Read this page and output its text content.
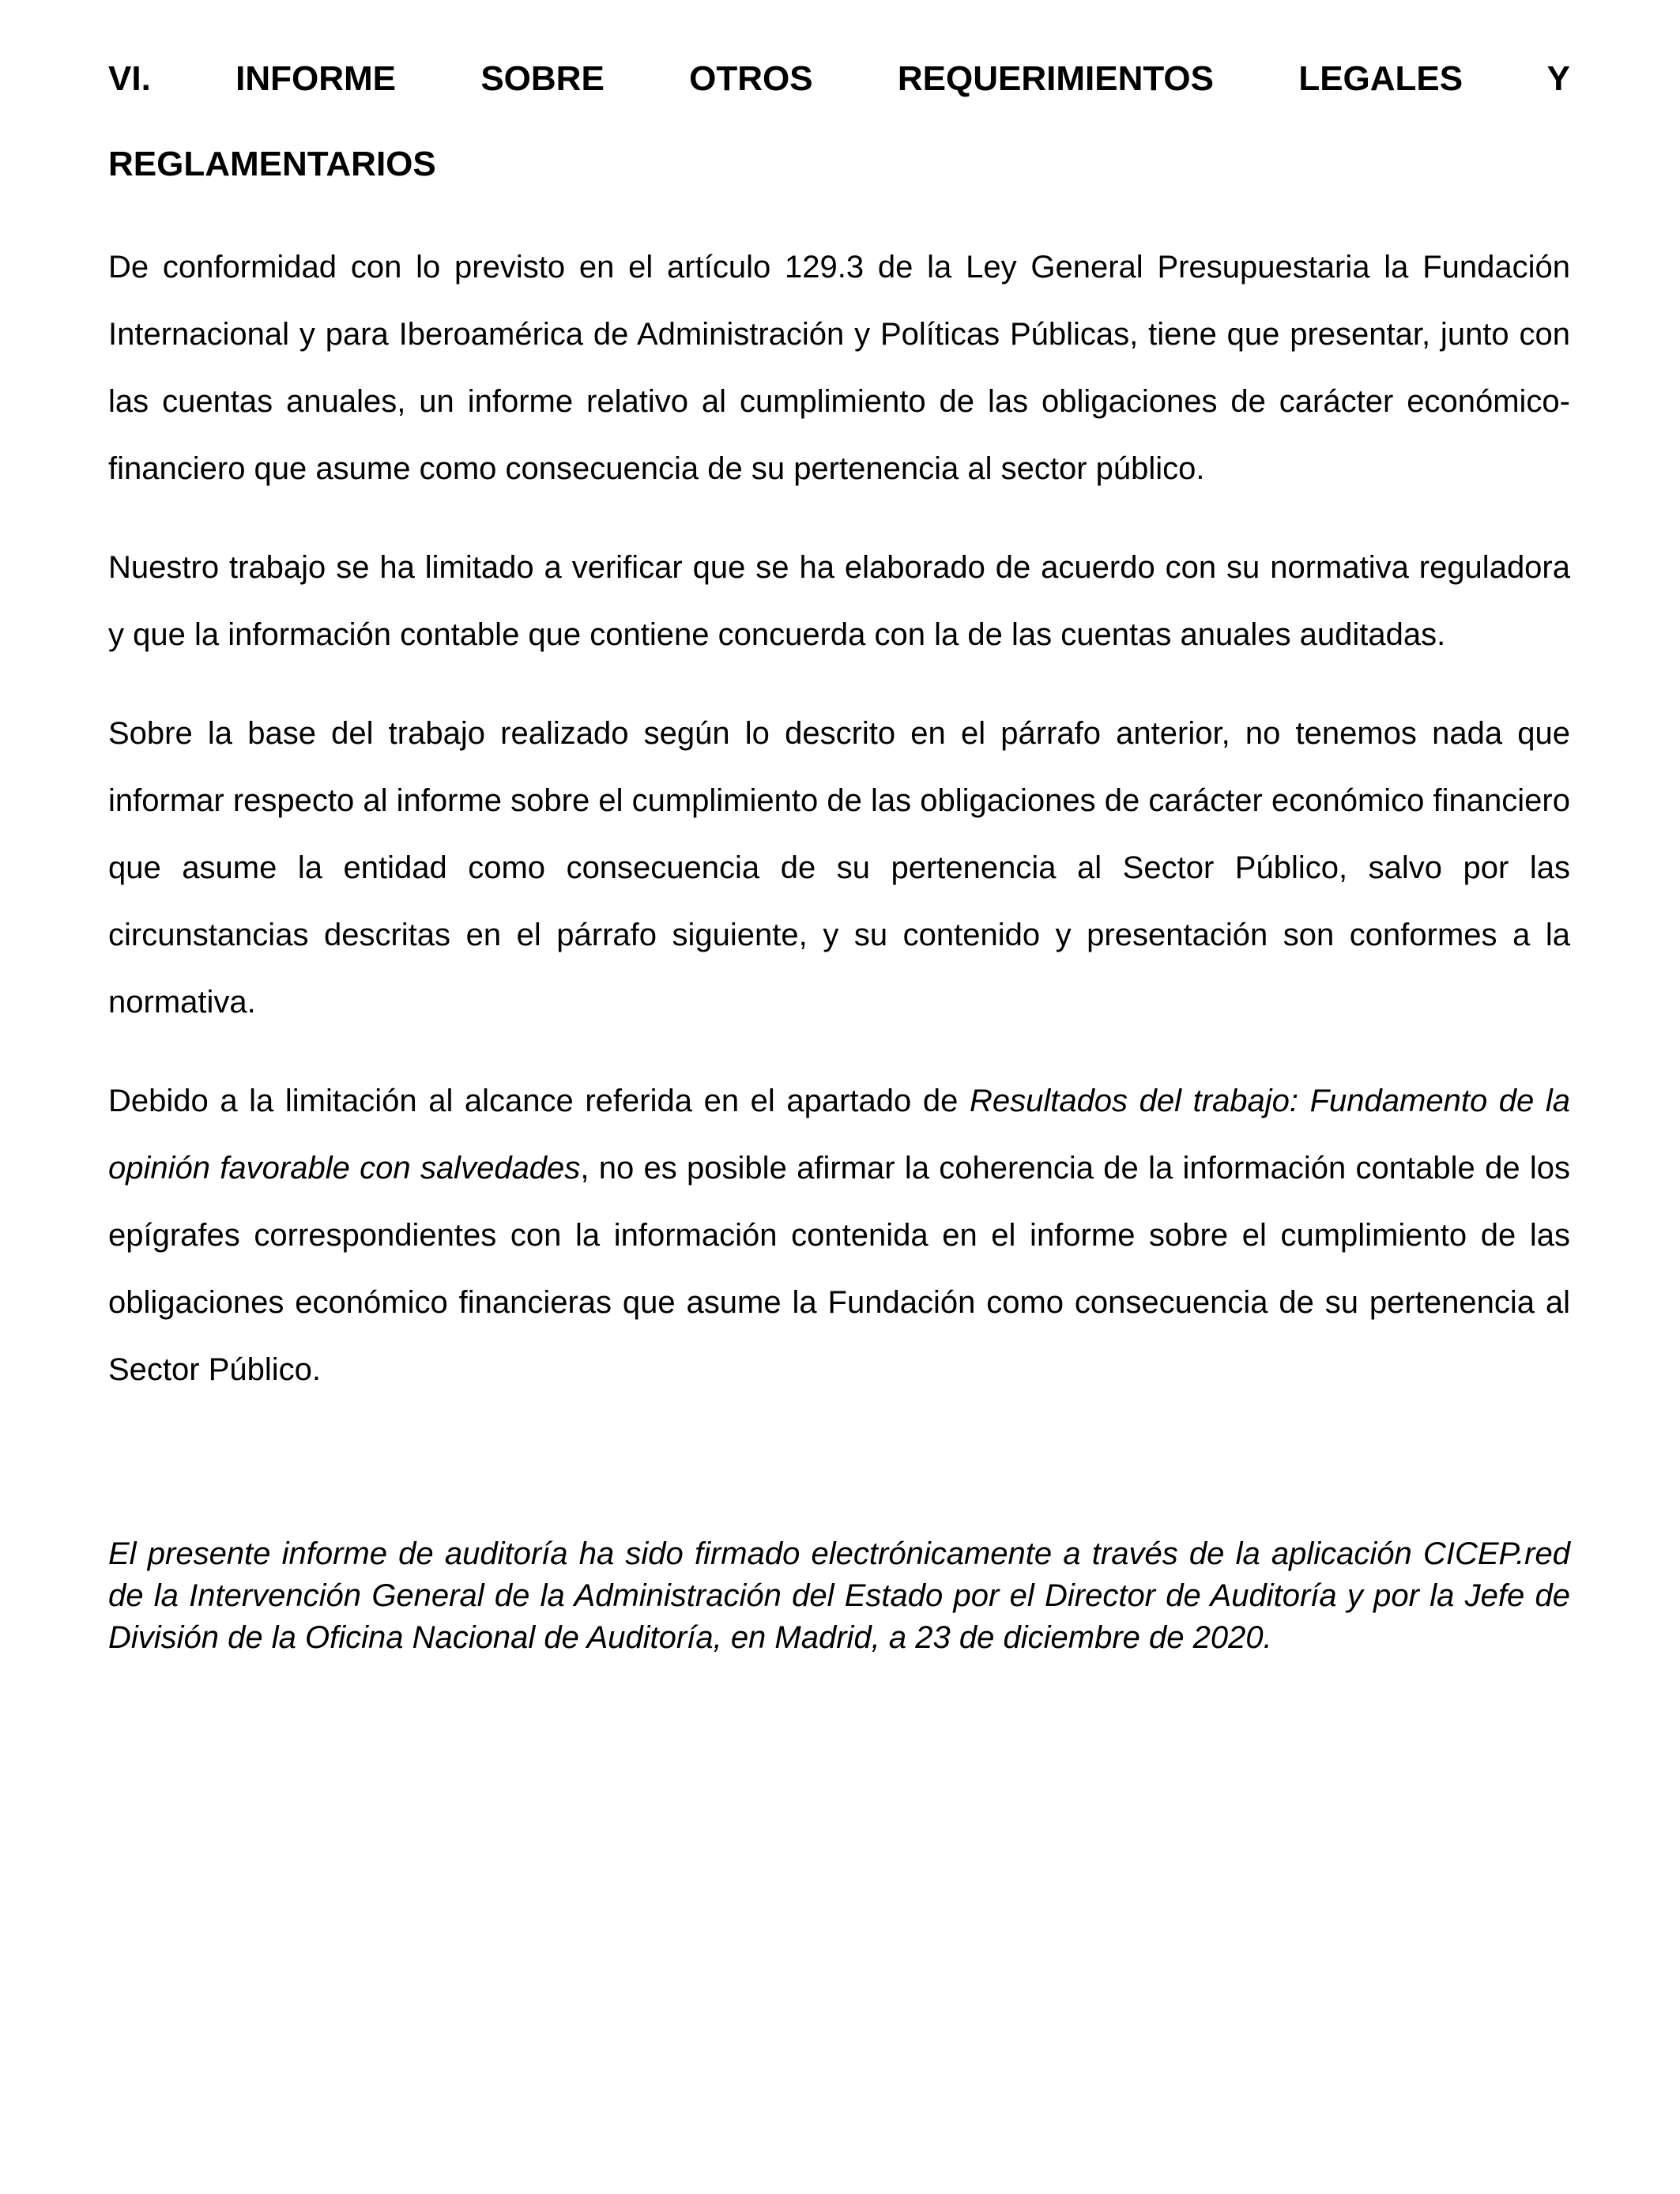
VI. INFORME SOBRE OTROS REQUERIMIENTOS LEGALES Y
REGLAMENTARIOS

De conformidad con lo previsto en el artículo 129.3 de la Ley General Presupuestaria la Fundación Internacional y para Iberoamérica de Administración y Políticas Públicas, tiene que presentar, junto con las cuentas anuales, un informe relativo al cumplimiento de las obligaciones de carácter económico-financiero que asume como consecuencia de su pertenencia al sector público.

Nuestro trabajo se ha limitado a verificar que se ha elaborado de acuerdo con su normativa reguladora y que la información contable que contiene concuerda con la de las cuentas anuales auditadas.

Sobre la base del trabajo realizado según lo descrito en el párrafo anterior, no tenemos nada que informar respecto al informe sobre el cumplimiento de las obligaciones de carácter económico financiero que asume la entidad como consecuencia de su pertenencia al Sector Público, salvo por las circunstancias descritas en el párrafo siguiente, y su contenido y presentación son conformes a la normativa.

Debido a la limitación al alcance referida en el apartado de Resultados del trabajo: Fundamento de la opinión favorable con salvedades, no es posible afirmar la coherencia de la información contable de los epígrafes correspondientes con la información contenida en el informe sobre el cumplimiento de las obligaciones económico financieras que asume la Fundación como consecuencia de su pertenencia al Sector Público.

El presente informe de auditoría ha sido firmado electrónicamente a través de la aplicación CICEP.red de la Intervención General de la Administración del Estado por el Director de Auditoría y por la Jefe de División de la Oficina Nacional de Auditoría, en Madrid, a 23 de diciembre de 2020.
